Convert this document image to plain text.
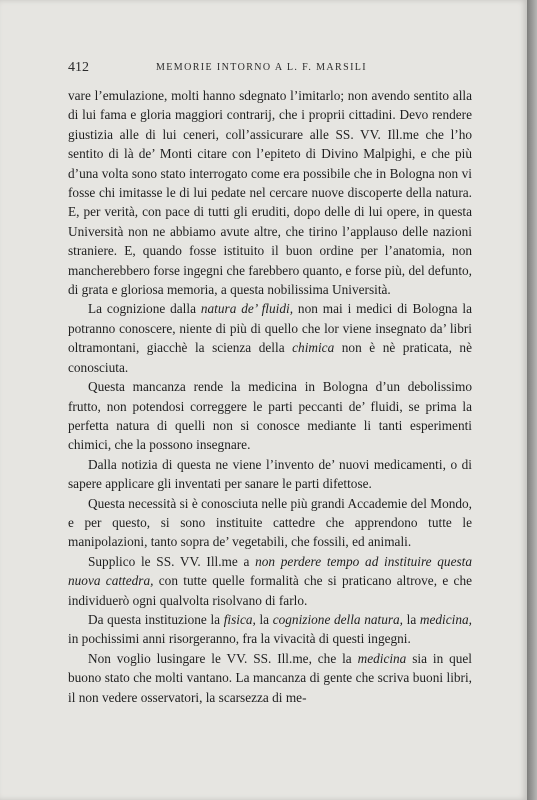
412	MEMORIE INTORNO A L. F. MARSILI

vare l’emulazione, molti hanno sdegnato l’imitarlo; non avendo sentito alla di lui fama e gloria maggiori contrarij, che i proprii cittadini. Devo rendere giustizia alle di lui ceneri, coll’assicurare alle SS. VV. Ill.me che l’ho sentito di là de’ Monti citare con l’epiteto di Divino Malpighi, e che più d’una volta sono stato interrogato come era possibile che in Bologna non vi fosse chi imitasse le di lui pedate nel cercare nuove discoperte della natura. E, per verità, con pace di tutti gli eruditi, dopo delle di lui opere, in questa Università non ne abbiamo avute altre, che tirino l’applauso delle nazioni straniere. E, quando fosse istituito il buon ordine per l’anatomia, non mancherebbero forse ingegni che farebbero quanto, e forse più, del defunto, di grata e gloriosa memoria, a questa nobilissima Università.

La cognizione dalla natura de’ fluidi, non mai i medici di Bologna la potranno conoscere, niente di più di quello che lor viene insegnato da’ libri oltramontani, giacchè la scienza della chimica non è nè praticata, nè conosciuta.

Questa mancanza rende la medicina in Bologna d’un debolissimo frutto, non potendosi correggere le parti peccanti de’ fluidi, se prima la perfetta natura di quelli non si conosce mediante li tanti esperimenti chimici, che la possono insegnare.

Dalla notizia di questa ne viene l’invento de’ nuovi medicamenti, o di sapere applicare gli inventati per sanare le parti difettose.

Questa necessità si è conosciuta nelle più grandi Accademie del Mondo, e per questo, si sono instituite cattedre che apprendono tutte le manipolazioni, tanto sopra de’ vegetabili, che fossili, ed animali.

Supplico le SS. VV. Ill.me a non perdere tempo ad instituire questa nuova cattedra, con tutte quelle formalità che si praticano altrove, e che individuerò ogni qualvolta risolvano di farlo.

Da questa instituzione la fisica, la cognizione della natura, la medicina, in pochissimi anni risorgeranno, fra la vivacità di questi ingegni.

Non voglio lusingare le VV. SS. Ill.me, che la medicina sia in quel buono stato che molti vantano. La mancanza di gente che scriva buoni libri, il non vedere osservatori, la scarsezza di me-
